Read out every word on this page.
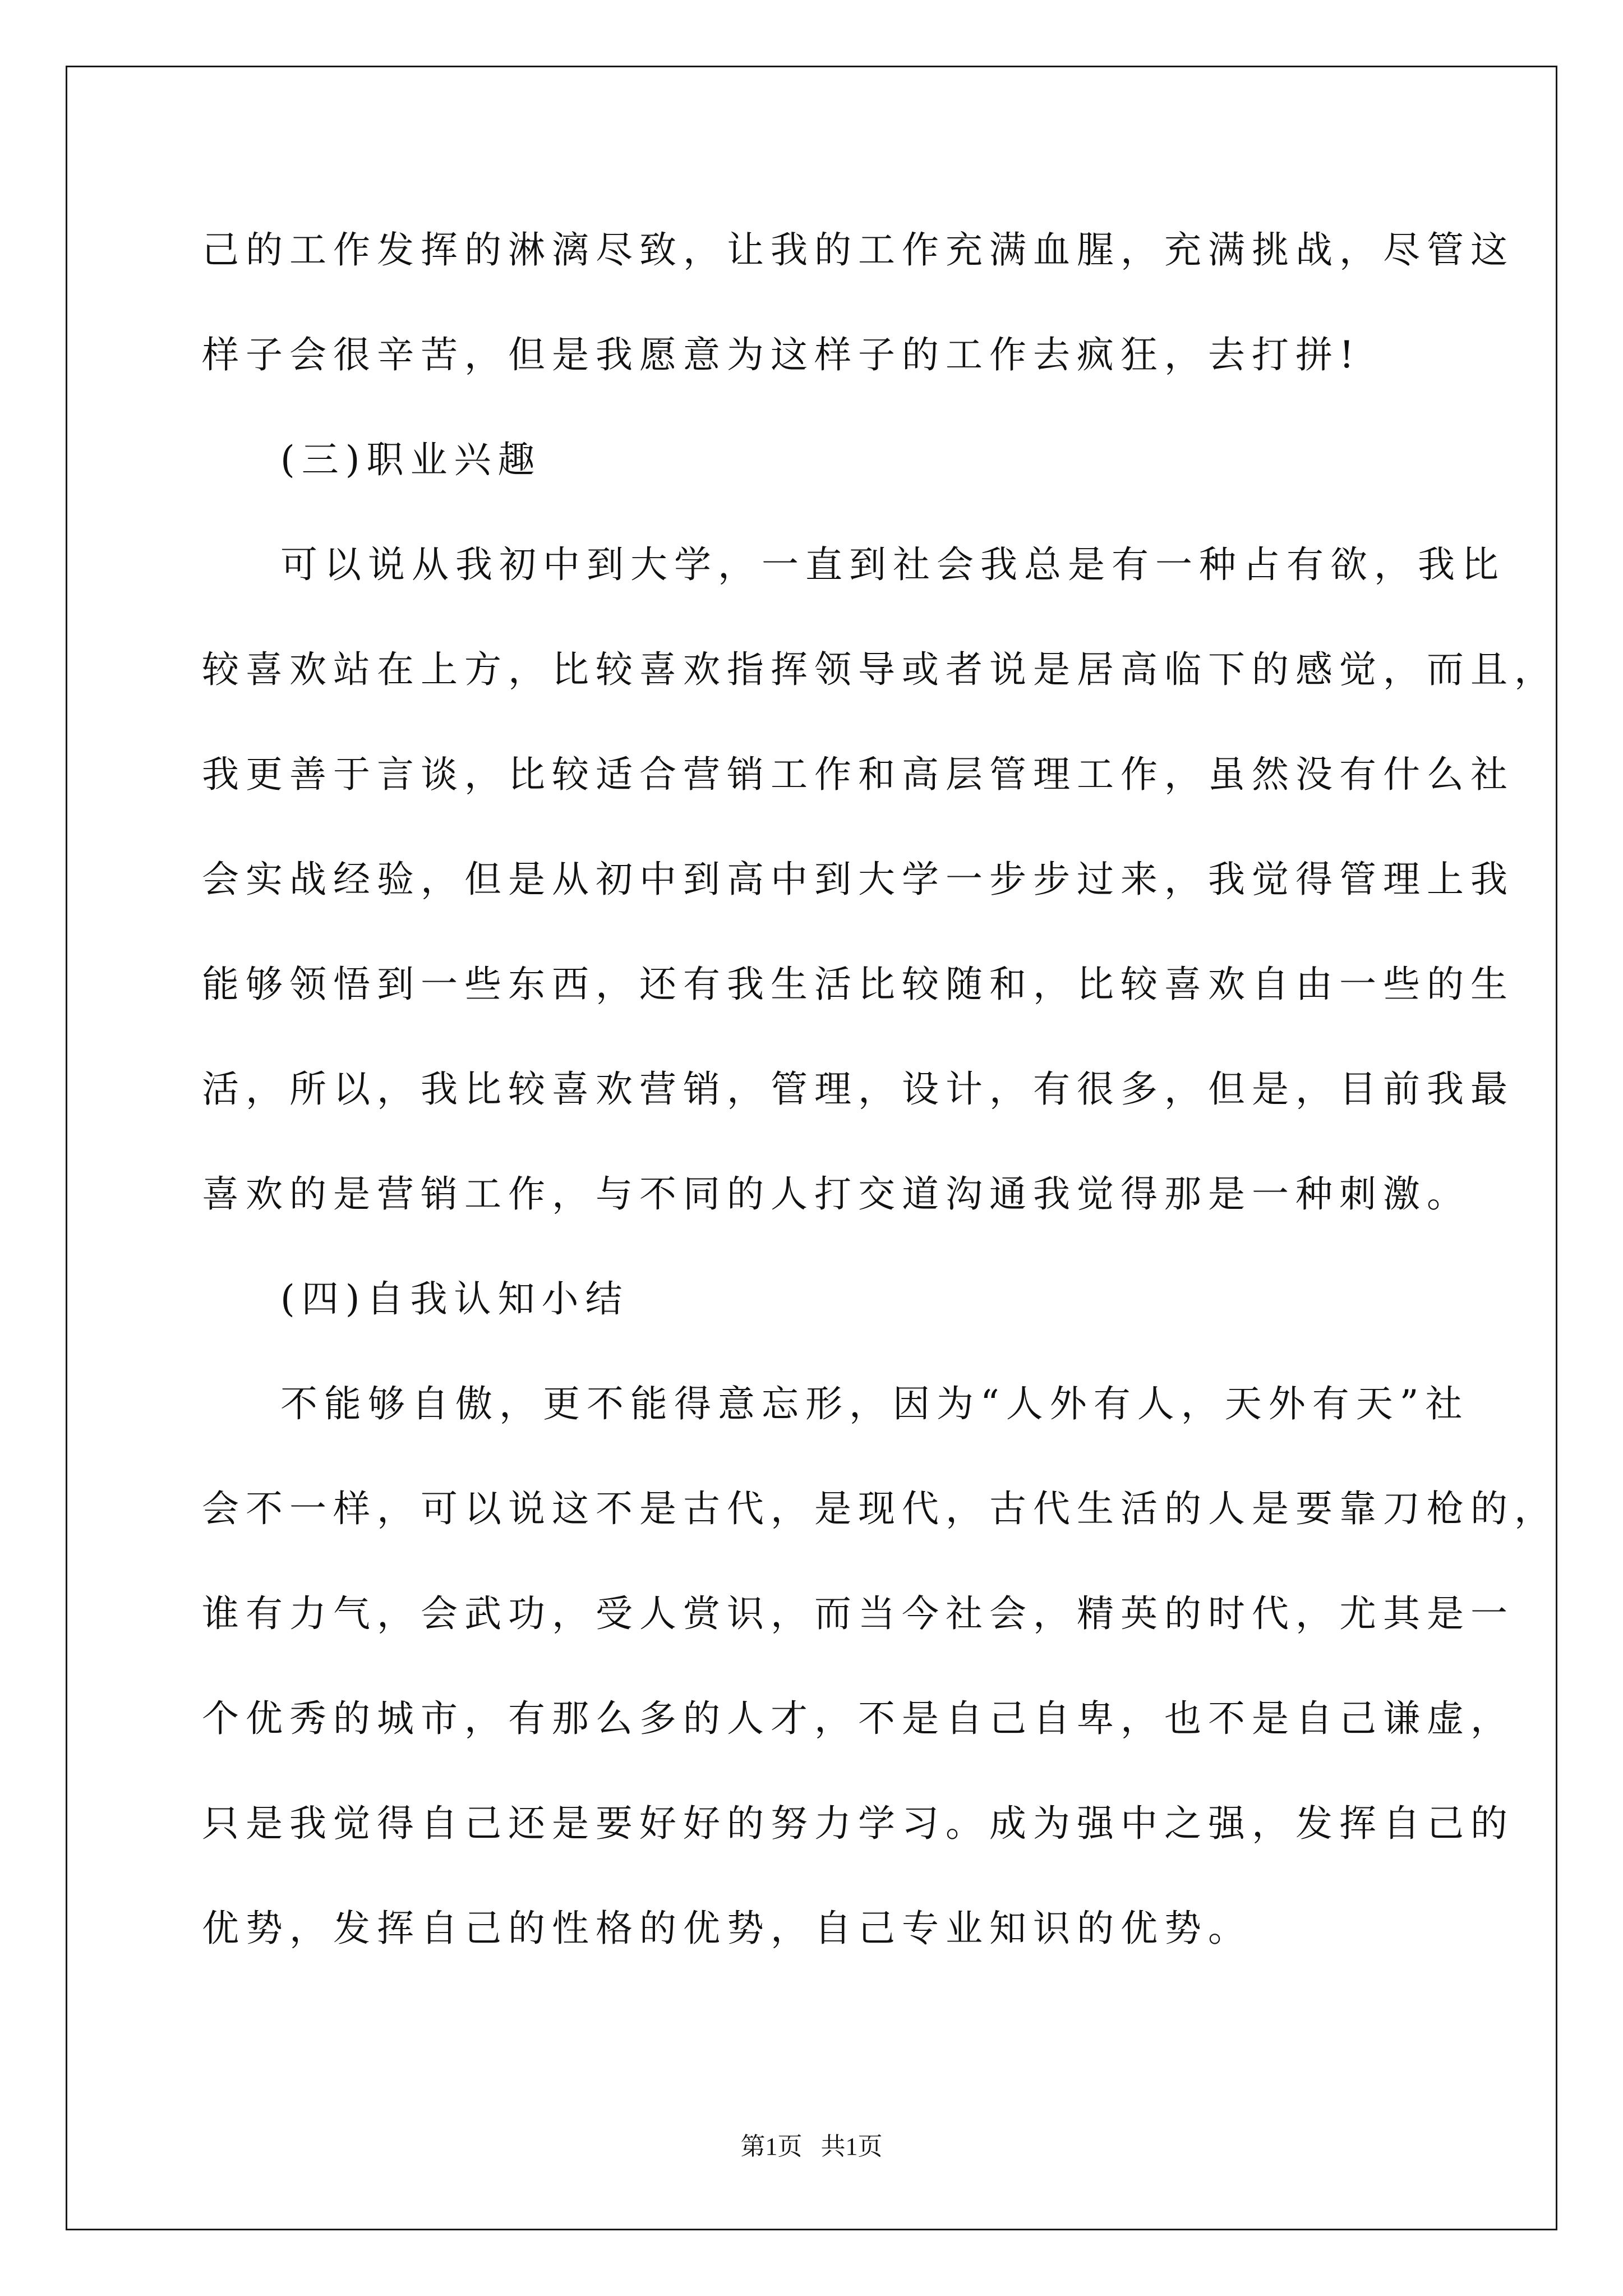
己的工作发挥的淋漓尽致，让我的工作充满血腥，充满挑战，尽管这

样子会很辛苦，但是我愿意为这样子的工作去疯狂，去打拼!

(三)职业兴趣

可以说从我初中到大学，一直到社会我总是有一种占有欲，我比

较喜欢站在上方，比较喜欢指挥领导或者说是居高临下的感觉，而且，

我更善于言谈，比较适合营销工作和高层管理工作，虽然没有什么社

会实战经验，但是从初中到高中到大学一步步过来，我觉得管理上我

能够领悟到一些东西，还有我生活比较随和，比较喜欢自由一些的生

活，所以，我比较喜欢营销，管理，设计，有很多，但是，目前我最

喜欢的是营销工作，与不同的人打交道沟通我觉得那是一种刺激。

(四)自我认知小结

不能够自傲，更不能得意忘形，因为“人外有人，天外有天”社

会不一样，可以说这不是古代，是现代，古代生活的人是要靠刀枪的，

谁有力气，会武功，受人赏识，而当今社会，精英的时代，尤其是一

个优秀的城市，有那么多的人才，不是自己自卑，也不是自己谦虚，

只是我觉得自己还是要好好的努力学习。成为强中之强，发挥自己的

优势，发挥自己的性格的优势，自己专业知识的优势。

第1页   共1页
